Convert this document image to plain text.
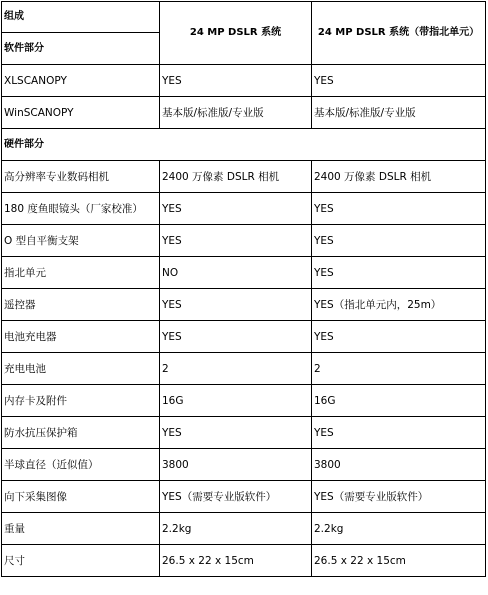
组成	24 MP DSLR 系统	24 MP DSLR 系统（带指北单元）
软件部分		
XLSCANOPY	YES	YES
WinSCANOPY	基本版/标准版/专业版	基本版/标准版/专业版
硬件部分		
高分辨率专业数码相机	2400 万像素 DSLR 相机	2400 万像素 DSLR 相机
180 度鱼眼镜头（厂家校准）	YES	YES
O 型自平衡支架	YES	YES
指北单元	NO	YES
遥控器	YES	YES（指北单元内，25m）
电池充电器	YES	YES
充电电池	2	2
内存卡及附件	16G	16G
防水抗压保护箱	YES	YES
半球直径（近似值）	3800	3800
向下采集图像	YES（需要专业版软件）	YES（需要专业版软件）
重量	2.2kg	2.2kg
尺寸	26.5 x 22 x 15cm	26.5 x 22 x 15cm
